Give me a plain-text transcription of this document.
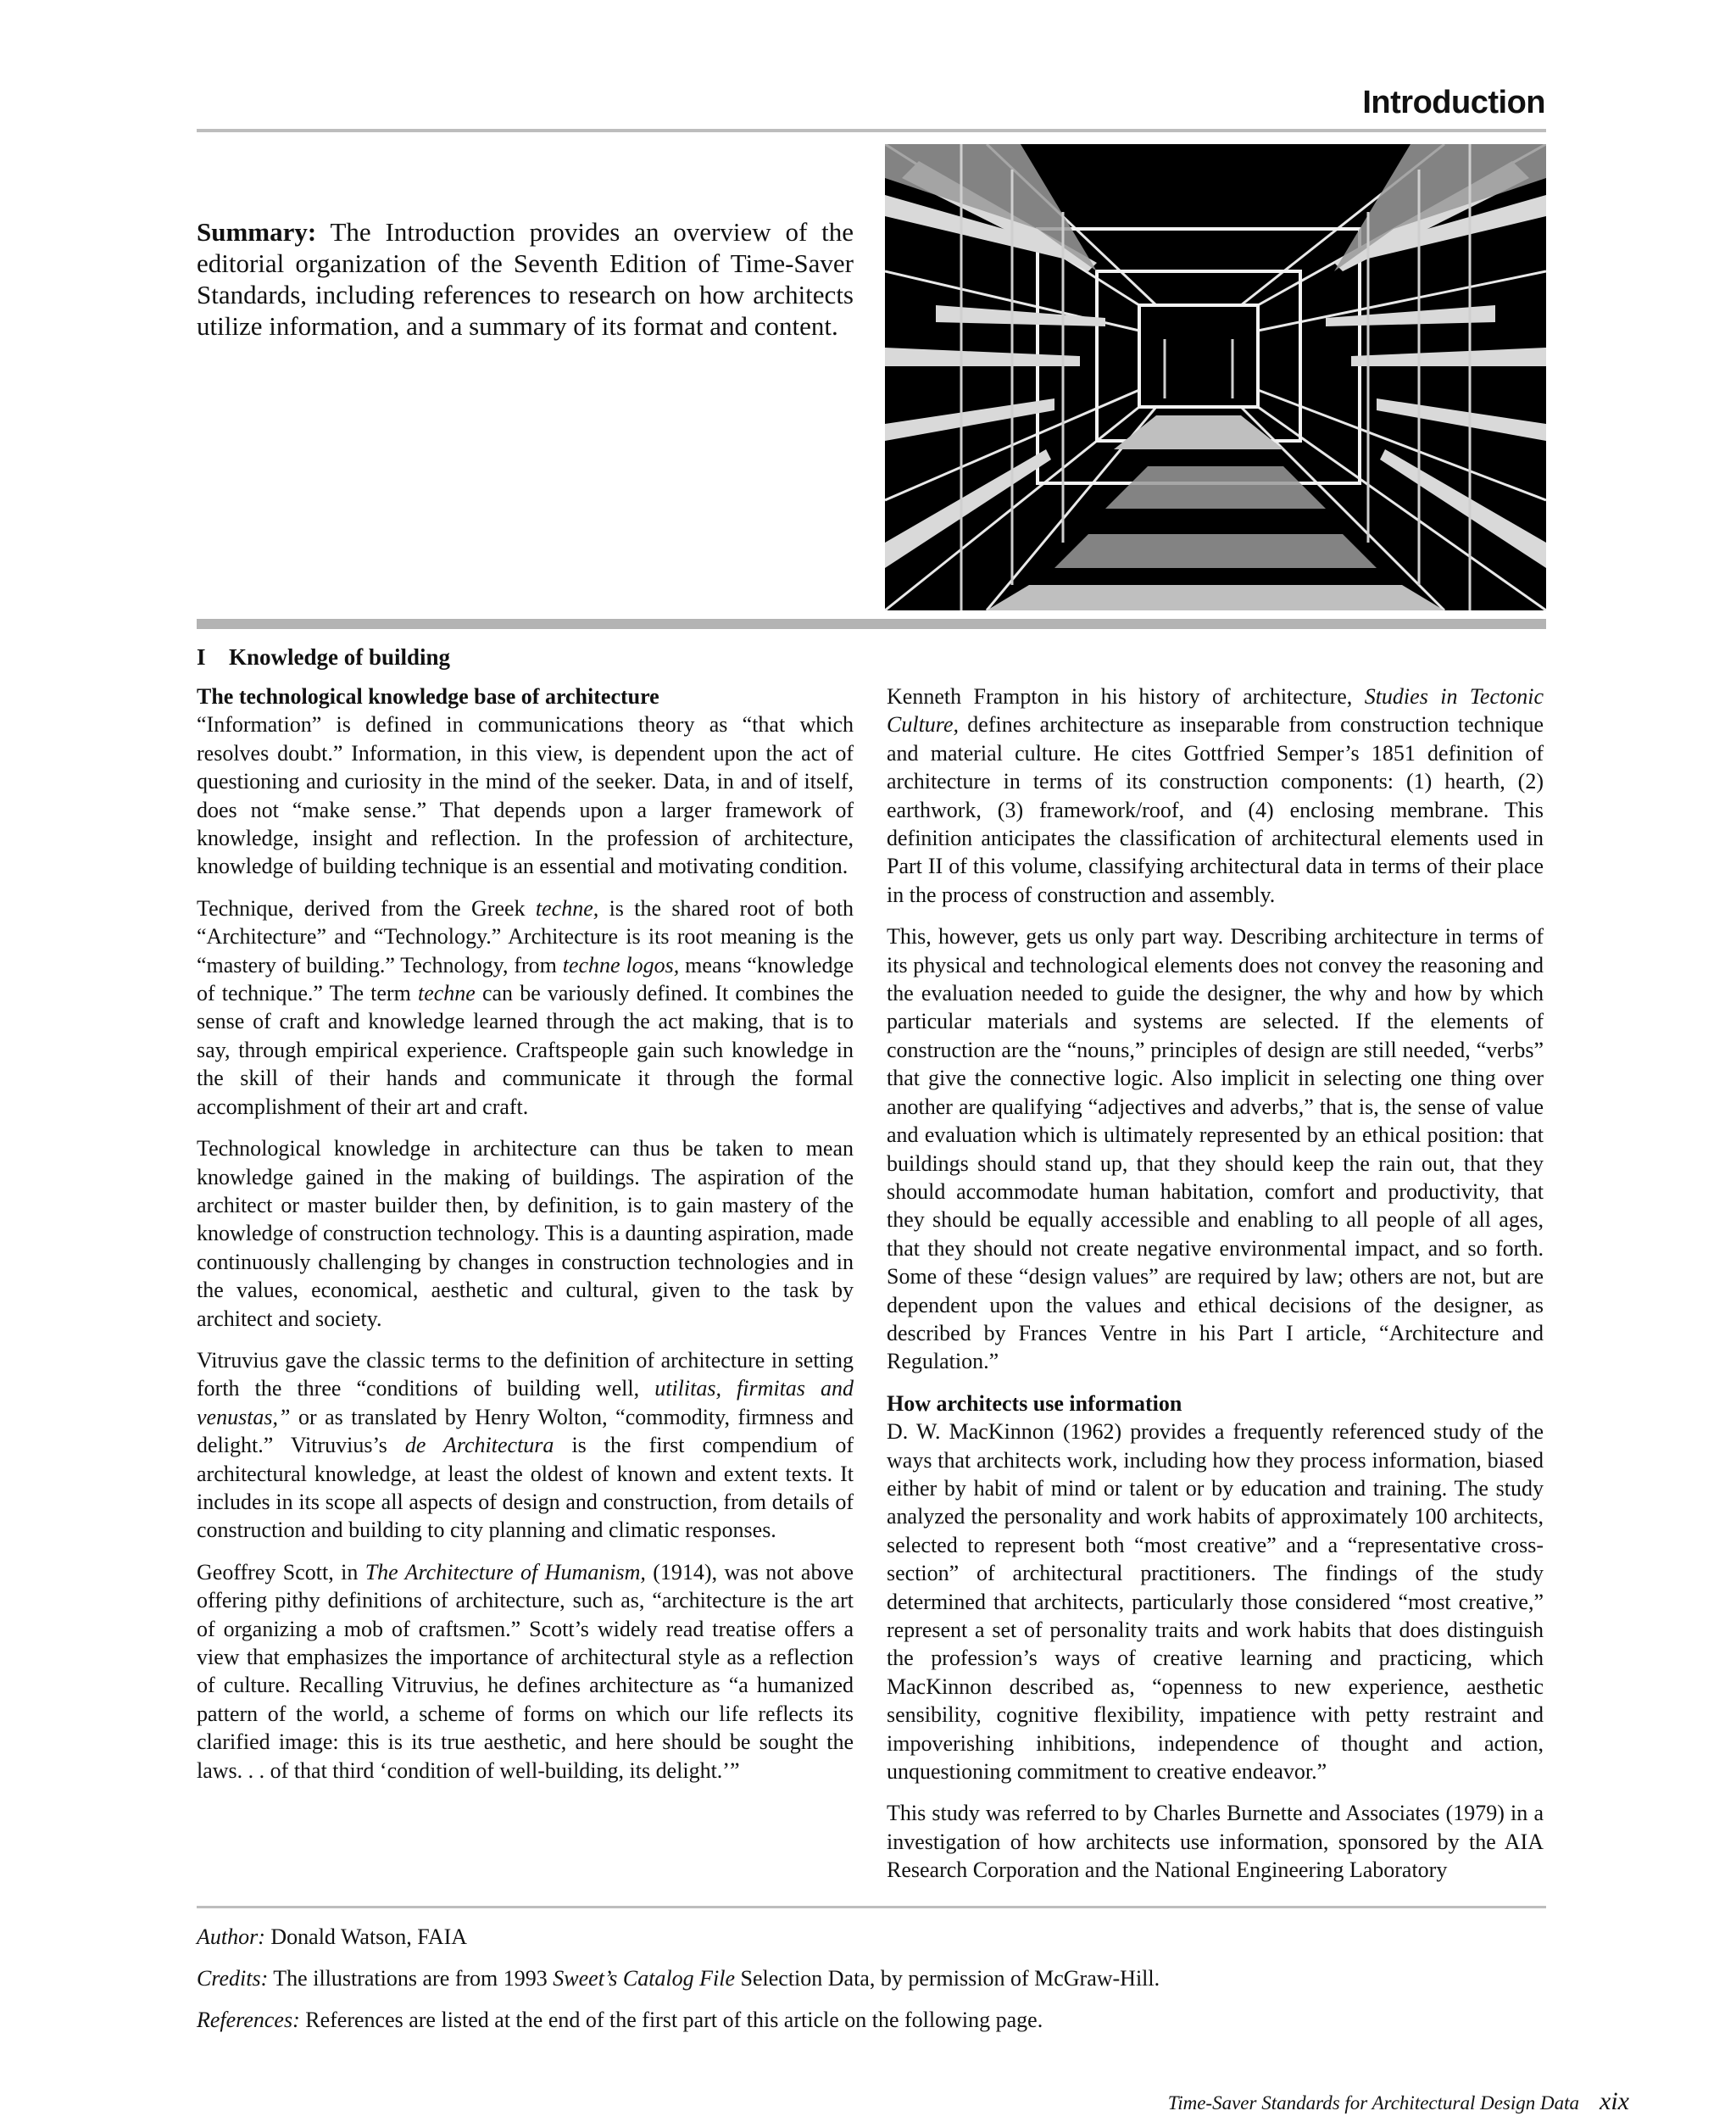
Introduction
Summary: The Introduction provides an overview of the editorial organization of the Seventh Edition of Time-Saver Standards, including references to research on how architects utilize information, and a summary of its format and content.
I Knowledge of building
The technological knowledge base of architecture

“Information” is defined in communications theory as “that which resolves doubt.” Information, in this view, is dependent upon the act of questioning and curiosity in the mind of the seeker. Data, in and of itself, does not “make sense.” That depends upon a larger framework of knowledge, insight and reflection. In the profession of architecture, knowledge of building technique is an essential and motivating condition.

Technique, derived from the Greek techne, is the shared root of both “Architecture” and “Technology.” Architecture is its root meaning is the “mastery of building.” Technology, from techne logos, means “knowledge of technique.” The term techne can be variously defined. It combines the sense of craft and knowledge learned through the act making, that is to say, through empirical experience. Craftspeople gain such knowledge in the skill of their hands and communicate it through the formal accomplishment of their art and craft.

Technological knowledge in architecture can thus be taken to mean knowledge gained in the making of buildings. The aspiration of the architect or master builder then, by definition, is to gain mastery of the knowledge of construction technology. This is a daunting aspiration, made continuously challenging by changes in construction technologies and in the values, economical, aesthetic and cultural, given to the task by architect and society.

Vitruvius gave the classic terms to the definition of architecture in setting forth the three “conditions of building well, utilitas, firmitas and venustas,” or as translated by Henry Wolton, “commodity, firmness and delight.” Vitruvius’s de Architectura is the first compendium of architectural knowledge, at least the oldest of known and extent texts. It includes in its scope all aspects of design and construction, from details of construction and building to city planning and climatic responses.

Geoffrey Scott, in The Architecture of Humanism, (1914), was not above offering pithy definitions of architecture, such as, “architecture is the art of organizing a mob of craftsmen.” Scott’s widely read treatise offers a view that emphasizes the importance of architectural style as a reflection of culture. Recalling Vitruvius, he defines architecture as “a humanized pattern of the world, a scheme of forms on which our life reflects its clarified image: this is its true aesthetic, and here should be sought the laws. . . of that third ‘condition of well-building, its delight.’”

Kenneth Frampton in his history of architecture, Studies in Tectonic Culture, defines architecture as inseparable from construction technique and material culture. He cites Gottfried Semper’s 1851 definition of architecture in terms of its construction components: (1) hearth, (2) earthwork, (3) framework/roof, and (4) enclosing membrane. This definition anticipates the classification of architectural elements used in Part II of this volume, classifying architectural data in terms of their place in the process of construction and assembly.

This, however, gets us only part way. Describing architecture in terms of its physical and technological elements does not convey the reasoning and the evaluation needed to guide the designer, the why and how by which particular materials and systems are selected. If the elements of construction are the “nouns,” principles of design are still needed, “verbs” that give the connective logic. Also implicit in selecting one thing over another are qualifying “adjectives and adverbs,” that is, the sense of value and evaluation which is ultimately represented by an ethical position: that buildings should stand up, that they should keep the rain out, that they should accommodate human habitation, comfort and productivity, that they should be equally accessible and enabling to all people of all ages, that they should not create negative environmental impact, and so forth. Some of these “design values” are required by law; others are not, but are dependent upon the values and ethical decisions of the designer, as described by Frances Ventre in his Part I article, “Architecture and Regulation.”

How architects use information

D. W. MacKinnon (1962) provides a frequently referenced study of the ways that architects work, including how they process information, biased either by habit of mind or talent or by education and training. The study analyzed the personality and work habits of approximately 100 architects, selected to represent both “most creative” and a “representative cross-section” of architectural practitioners. The findings of the study determined that architects, particularly those considered “most creative,” represent a set of personality traits and work habits that does distinguish the profession’s ways of creative learning and practicing, which MacKinnon described as, “openness to new experience, aesthetic sensibility, cognitive flexibility, impatience with petty restraint and impoverishing inhibitions, independence of thought and action, unquestioning commitment to creative endeavor.”

This study was referred to by Charles Burnette and Associates (1979) in a investigation of how architects use information, sponsored by the AIA Research Corporation and the National Engineering Laboratory

Author: Donald Watson, FAIA
Credits: The illustrations are from 1993 Sweet’s Catalog File Selection Data, by permission of McGraw-Hill.
References: References are listed at the end of the first part of this article on the following page.
Time-Saver Standards for Architectural Design Data xix
